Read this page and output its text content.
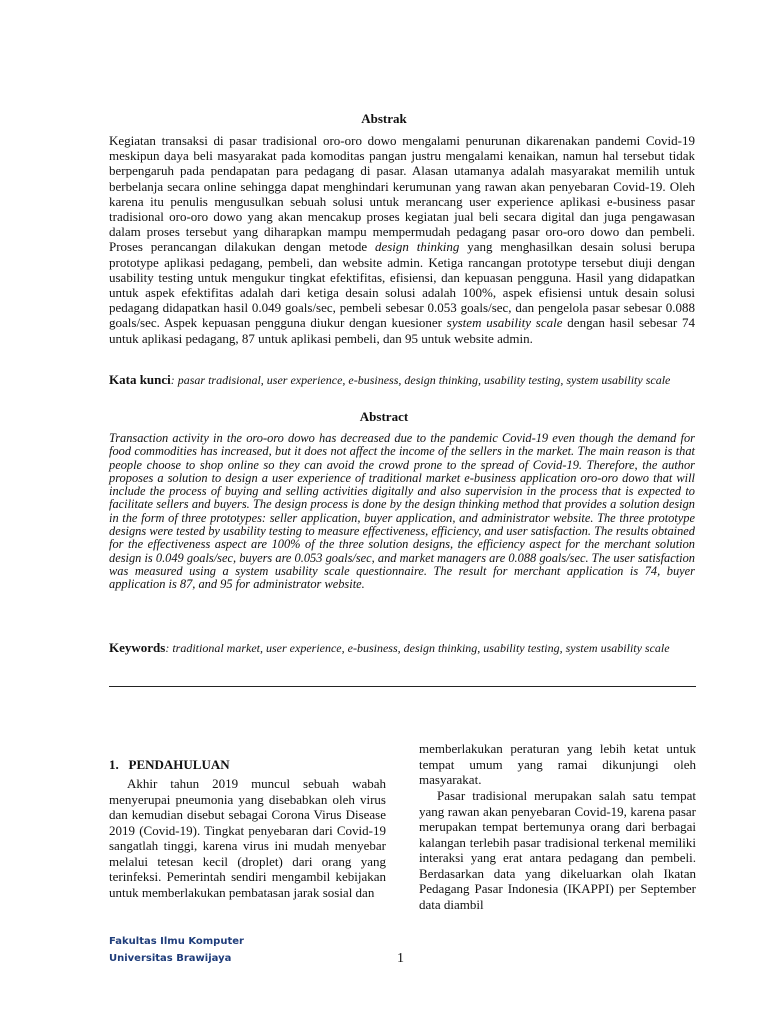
Abstrak

Kegiatan transaksi di pasar tradisional oro-oro dowo mengalami penurunan dikarenakan pandemi Covid-19 meskipun daya beli masyarakat pada komoditas pangan justru mengalami kenaikan, namun hal tersebut tidak berpengaruh pada pendapatan para pedagang di pasar. Alasan utamanya adalah masyarakat memilih untuk berbelanja secara online sehingga dapat menghindari kerumunan yang rawan akan penyebaran Covid-19. Oleh karena itu penulis mengusulkan sebuah solusi untuk merancang user experience aplikasi e-business pasar tradisional oro-oro dowo yang akan mencakup proses kegiatan jual beli secara digital dan juga pengawasan dalam proses tersebut yang diharapkan mampu mempermudah pedagang pasar oro-oro dowo dan pembeli. Proses perancangan dilakukan dengan metode design thinking yang menghasilkan desain solusi berupa prototype aplikasi pedagang, pembeli, dan website admin. Ketiga rancangan prototype tersebut diuji dengan usability testing untuk mengukur tingkat efektifitas, efisiensi, dan kepuasan pengguna. Hasil yang didapatkan untuk aspek efektifitas adalah dari ketiga desain solusi adalah 100%, aspek efisiensi untuk desain solusi pedagang didapatkan hasil 0.049 goals/sec, pembeli sebesar 0.053 goals/sec, dan pengelola pasar sebesar 0.088 goals/sec. Aspek kepuasan pengguna diukur dengan kuesioner system usability scale dengan hasil sebesar 74 untuk aplikasi pedagang, 87 untuk aplikasi pembeli, dan 95 untuk website admin.

Kata kunci: pasar tradisional, user experience, e-business, design thinking, usability testing, system usability scale

Abstract

Transaction activity in the oro-oro dowo has decreased due to the pandemic Covid-19 even though the demand for food commodities has increased, but it does not affect the income of the sellers in the market. The main reason is that people choose to shop online so they can avoid the crowd prone to the spread of Covid-19. Therefore, the author proposes a solution to design a user experience of traditional market e-business application oro-oro dowo that will include the process of buying and selling activities digitally and also supervision in the process that is expected to facilitate sellers and buyers. The design process is done by the design thinking method that provides a solution design in the form of three prototypes: seller application, buyer application, and administrator website. The three prototype designs were tested by usability testing to measure effectiveness, efficiency, and user satisfaction. The results obtained for the effectiveness aspect are 100% of the three solution designs, the efficiency aspect for the merchant solution design is 0.049 goals/sec, buyers are 0.053 goals/sec, and market managers are 0.088 goals/sec. The user satisfaction was measured using a system usability scale questionnaire. The result for merchant application is 74, buyer application is 87, and 95 for administrator website.

Keywords: traditional market, user experience, e-business, design thinking, usability testing, system usability scale

1.   PENDAHULUAN

Akhir tahun 2019 muncul sebuah wabah menyerupai pneumonia yang disebabkan oleh virus dan kemudian disebut sebagai Corona Virus Disease 2019 (Covid-19). Tingkat penyebaran dari Covid-19 sangatlah tinggi, karena virus ini mudah menyebar melalui tetesan kecil (droplet) dari orang yang terinfeksi. Pemerintah sendiri mengambil kebijakan untuk memberlakukan pembatasan jarak sosial dan

memberlakukan peraturan yang lebih ketat untuk tempat umum yang ramai dikunjungi oleh masyarakat.

Pasar tradisional merupakan salah satu tempat yang rawan akan penyebaran Covid-19, karena pasar merupakan tempat bertemunya orang dari berbagai kalangan terlebih pasar tradisional terkenal memiliki interaksi yang erat antara pedagang dan pembeli. Berdasarkan data yang dikeluarkan olah Ikatan Pedagang Pasar Indonesia (IKAPPI) per September data diambil

Fakultas Ilmu Komputer
Universitas Brawijaya	1
